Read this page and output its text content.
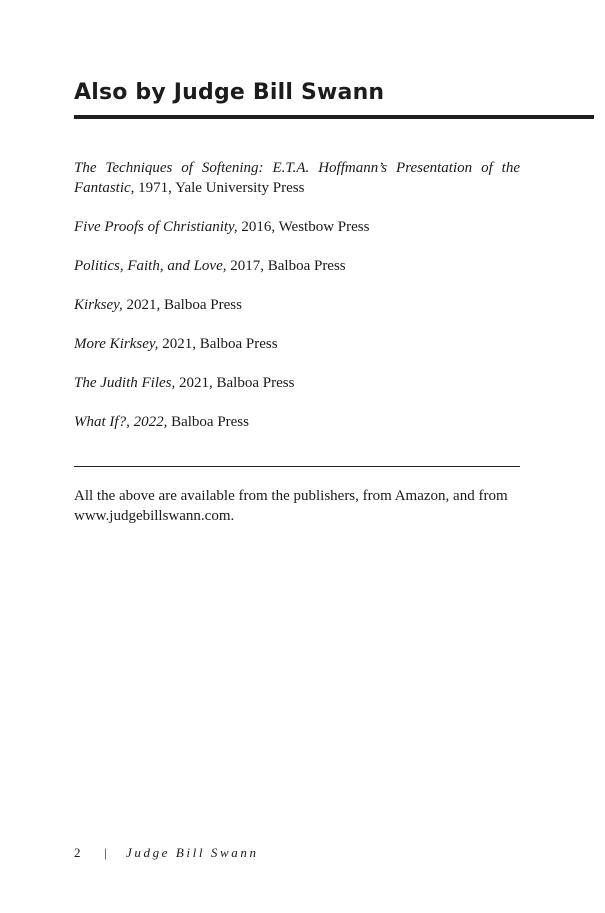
Also by Judge Bill Swann
The Techniques of Softening: E.T.A. Hoffmann’s Presentation of the Fantastic, 1971, Yale University Press
Five Proofs of Christianity, 2016, Westbow Press
Politics, Faith, and Love, 2017, Balboa Press
Kirksey, 2021, Balboa Press
More Kirksey, 2021, Balboa Press
The Judith Files, 2021, Balboa Press
What If?, 2022, Balboa Press

All the above are available from the publishers, from Amazon, and from www.judgebillswann.com.

2 | Judge Bill Swann
